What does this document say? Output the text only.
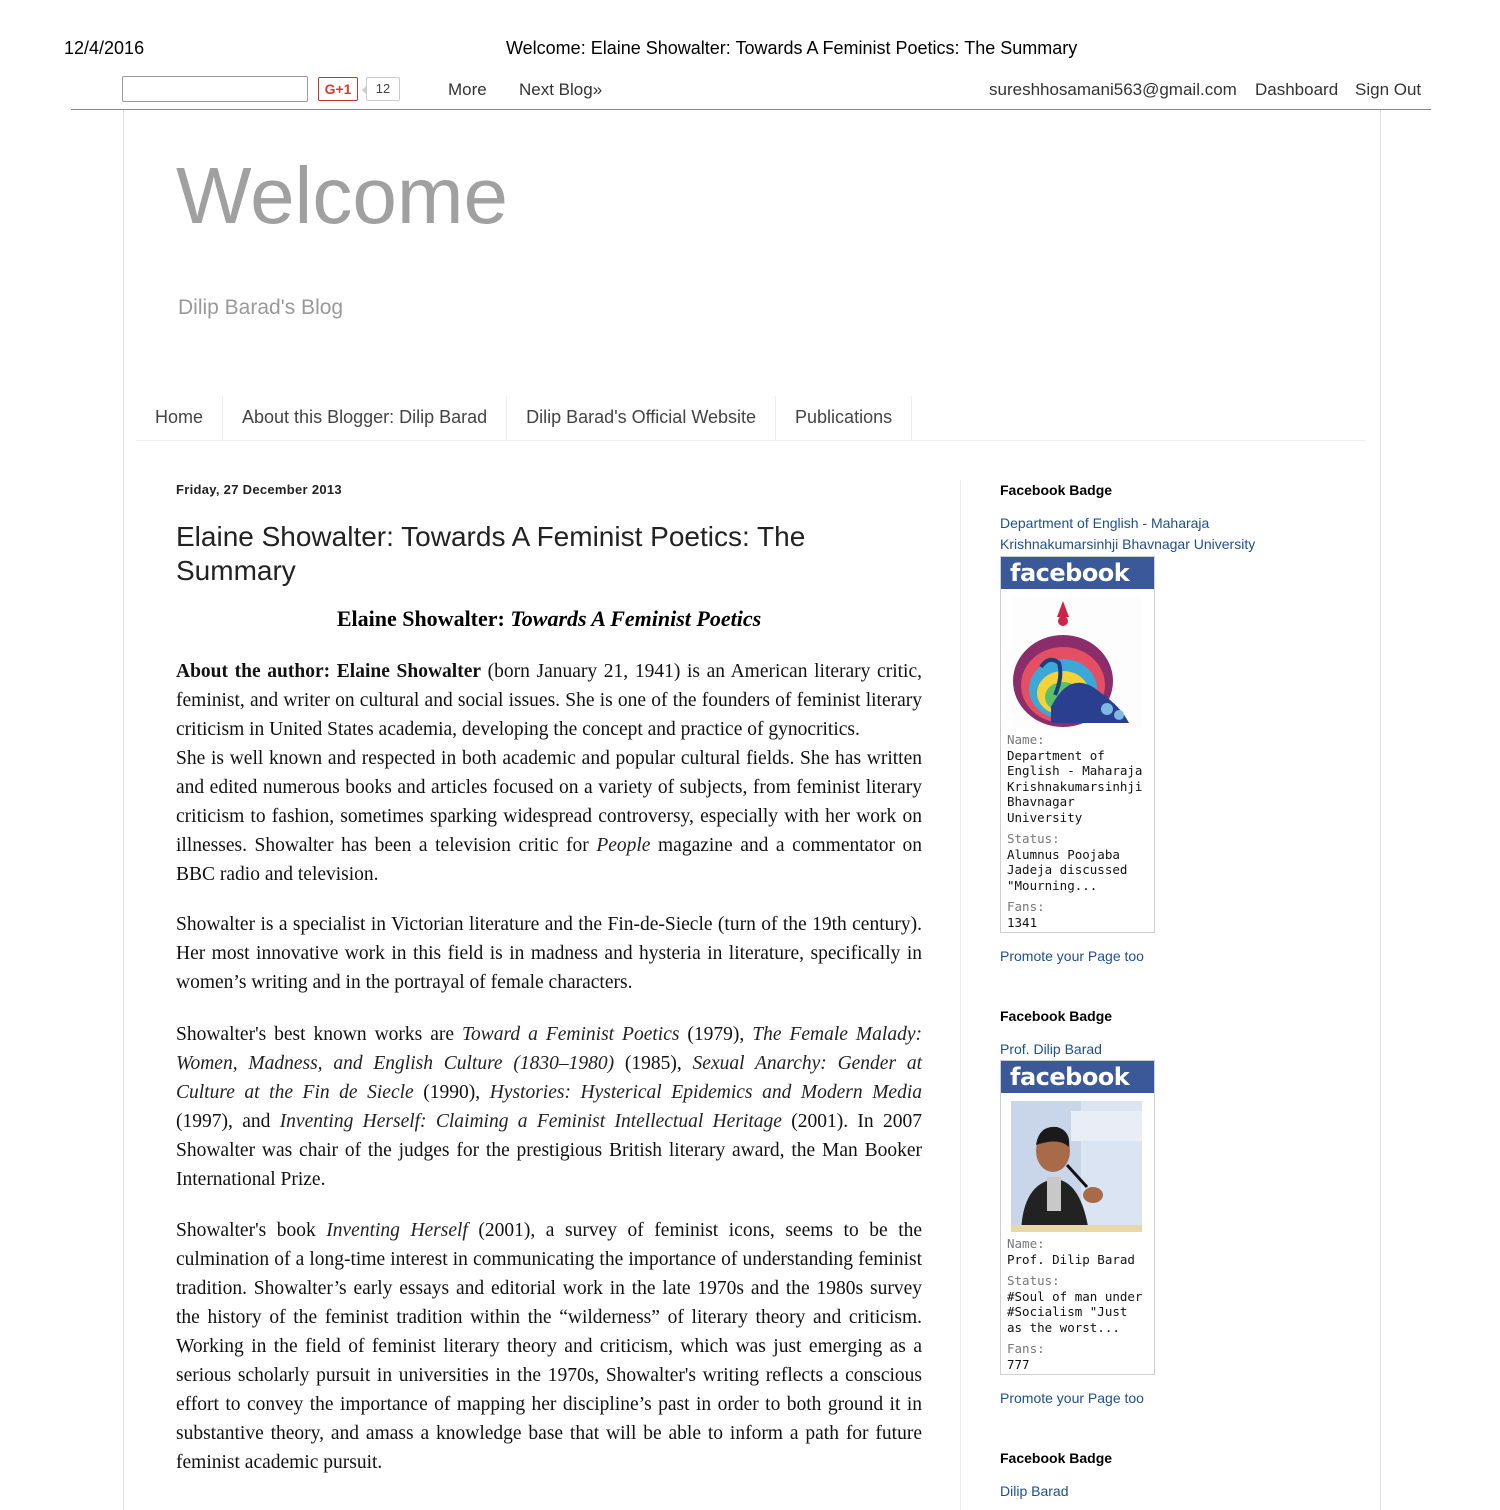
12/4/2016	Welcome: Elaine Showalter: Towards A Feminist Poetics: The Summary
G+1	12	More Next Blog»	sureshhosamani563@gmail.com Dashboard Sign Out
Welcome
Dilip Barad's Blog
Home	About this Blogger: Dilip Barad	Dilip Barad's Official Website	Publications
Friday, 27 December 2013
Elaine Showalter: Towards A Feminist Poetics: The Summary
Elaine Showalter: Towards A Feminist Poetics

About the author: Elaine Showalter (born January 21, 1941) is an American literary critic, feminist, and writer on cultural and social issues. She is one of the founders of feminist literary criticism in United States academia, developing the concept and practice of gynocritics.
She is well known and respected in both academic and popular cultural fields. She has written and edited numerous books and articles focused on a variety of subjects, from feminist literary criticism to fashion, sometimes sparking widespread controversy, especially with her work on illnesses. Showalter has been a television critic for People magazine and a commentator on BBC radio and television.

Showalter is a specialist in Victorian literature and the Fin-de-Siecle (turn of the 19th century). Her most innovative work in this field is in madness and hysteria in literature, specifically in women’s writing and in the portrayal of female characters.

Showalter's best known works are Toward a Feminist Poetics (1979), The Female Malady: Women, Madness, and English Culture (1830–1980) (1985), Sexual Anarchy: Gender at Culture at the Fin de Siecle (1990), Hystories: Hysterical Epidemics and Modern Media (1997), and Inventing Herself: Claiming a Feminist Intellectual Heritage (2001). In 2007 Showalter was chair of the judges for the prestigious British literary award, the Man Booker International Prize.

Showalter's book Inventing Herself (2001), a survey of feminist icons, seems to be the culmination of a long-time interest in communicating the importance of understanding feminist tradition. Showalter’s early essays and editorial work in the late 1970s and the 1980s survey the history of the feminist tradition within the “wilderness” of literary theory and criticism. Working in the field of feminist literary theory and criticism, which was just emerging as a serious scholarly pursuit in universities in the 1970s, Showalter's writing reflects a conscious effort to convey the importance of mapping her discipline’s past in order to both ground it in substantive theory, and amass a knowledge base that will be able to inform a path for future feminist academic pursuit.

Facebook Badge
Department of English - Maharaja Krishnakumarsinhji Bhavnagar University
facebook
Name:
Department of English - Maharaja Krishnakumarsinhji Bhavnagar University
Status:
Alumnus Poojaba Jadeja discussed "Mourning...
Fans:
1341
Promote your Page too
Facebook Badge
Prof. Dilip Barad
facebook
Name:
Prof. Dilip Barad
Status:
#Soul of man under #Socialism "Just as the worst...
Fans:
777
Promote your Page too
Facebook Badge
Dilip Barad
